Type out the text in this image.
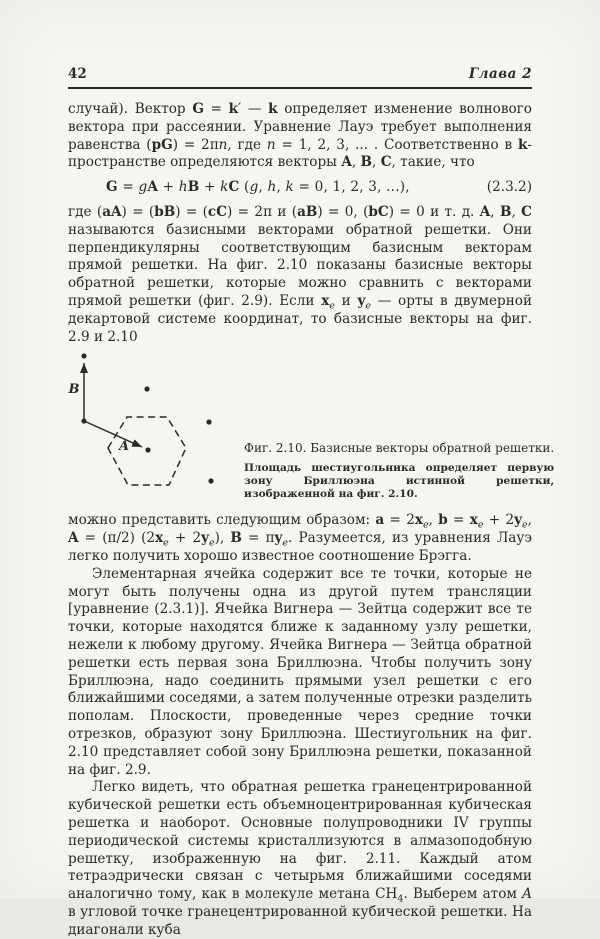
42	Глава 2

случай). Вектор G = k′ — k определяет изменение волнового вектора при рассеянии. Уравнение Лауэ требует выполнения равенства (pG) = 2πn, где n = 1, 2, 3, ... . Соответственно в k-пространстве определяются векторы A, B, C, такие, что

G = gA + hB + kC (g, h, k = 0, 1, 2, 3, ...),	(2.3.2)

где (aA) = (bB) = (cC) = 2π и (aB) = 0, (bC) = 0 и т. д. A, B, C называются базисными векторами обратной решетки. Они перпендикулярны соответствующим базисным векторам прямой решетки. На фиг. 2.10 показаны базисные векторы обратной решетки, которые можно сравнить с векторами прямой решетки (фиг. 2.9). Если $x_e$ и $y_e$ — орты в двумерной декартовой системе координат, то базисные векторы на фиг. 2.9 и 2.10

B
A	Фиг. 2.10. Базисные векторы обратной решетки.
Площадь шестиугольника определяет первую зону Бриллюэна истинной решетки, изображенной на фиг. 2.10.

можно представить следующим образом: $a = 2x_e$, $b = x_e + 2y_e$, A = (π/2) $(2x_e + 2y_e)$, $B = \pi y_e$. Разумеется, из уравнения Лауэ легко получить хорошо известное соотношение Брэгга.

Элементарная ячейка содержит все те точки, которые не могут быть получены одна из другой путем трансляции [уравнение (2.3.1)]. Ячейка Вигнера — Зейтца содержит все те точки, которые находятся ближе к заданному узлу решетки, нежели к любому другому. Ячейка Вигнера — Зейтца обратной решетки есть первая зона Бриллюэна. Чтобы получить зону Бриллюэна, надо соединить прямыми узел решетки с его ближайшими соседями, а затем полученные отрезки разделить пополам. Плоскости, проведенные через средние точки отрезков, образуют зону Бриллюэна. Шестиугольник на фиг. 2.10 представляет собой зону Бриллюэна решетки, показанной на фиг. 2.9.

Легко видеть, что обратная решетка гранецентрированной кубической решетки есть объемноцентрированная кубическая решетка и наоборот. Основные полупроводники IV группы периодической системы кристаллизуются в алмазоподобную решетку, изображенную на фиг. 2.11. Каждый атом тетраэдрически связан с четырьмя ближайшими соседями аналогично тому, как в молекуле метана $CH_4$. Выберем атом A в угловой точке гранецентрированной кубической решетки. На диагонали куба
